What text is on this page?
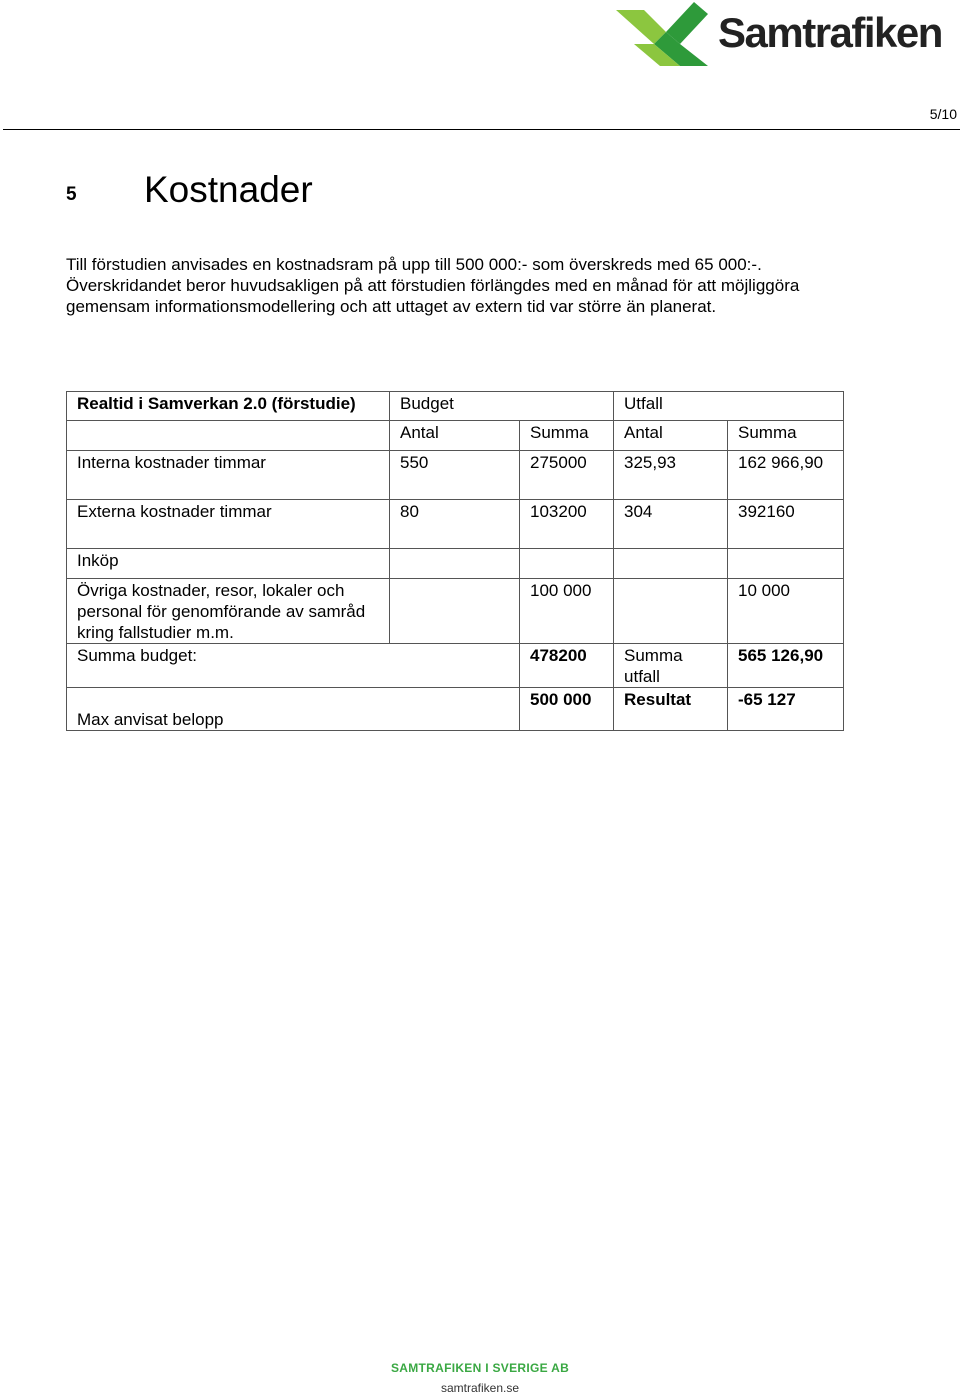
Samtrafiken
5/10
5 Kostnader
Till förstudien anvisades en kostnadsram på upp till 500 000:- som överskreds med 65 000:-.
Överskridandet beror huvudsakligen på att förstudien förlängdes med en månad för att möjliggöra
gemensam informationsmodellering och att uttaget av extern tid var större än planerat.
Realtid i Samverkan 2.0 (förstudie)	Budget		Utfall	
	Antal	Summa	Antal	Summa
Interna kostnader timmar	550	275000	325,93	162 966,90
Externa kostnader timmar	80	103200	304	392160
Inköp				
Övriga kostnader, resor, lokaler och personal för genomförande av samråd kring fallstudier m.m.		100 000		10 000
Summa budget:		478200	Summa utfall	565 126,90
Max anvisat belopp		500 000	Resultat	-65 127
SAMTRAFIKEN I SVERIGE AB
samtrafiken.se
